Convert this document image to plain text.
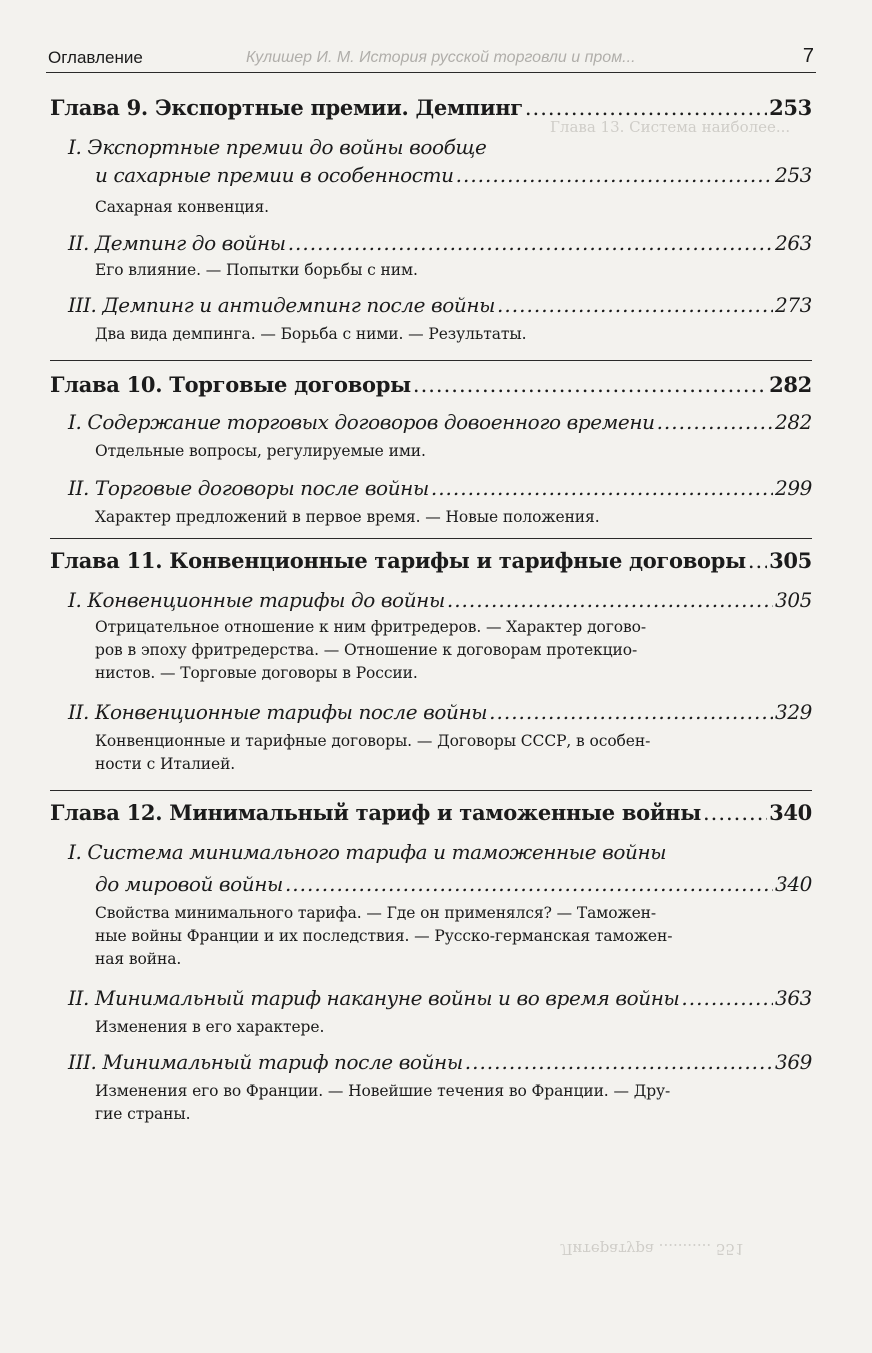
Глава 13. Система наиболее...
Литература ........... 551
Оглавление	Кулишер И. М. История русской торговли и пром...	7
Глава 9. Экспортные премии. Демпинг .....	253
I. Экспортные премии до войны вообще
и сахарные премии в особенности .....	253
Сахарная конвенция.
II. Демпинг до войны .....	263
Его влияние. — Попытки борьбы с ним.
III. Демпинг и антидемпинг после войны .....	273
Два вида демпинга. — Борьба с ними. — Результаты.
Глава 10. Торговые договоры .....	282
I. Содержание торговых договоров довоенного времени .....	282
Отдельные вопросы, регулируемые ими.
II. Торговые договоры после войны .....	299
Характер предложений в первое время. — Новые положения.
Глава 11. Конвенционные тарифы и тарифные договоры ..... 305
I. Конвенционные тарифы до войны .....	305
Отрицательное отношение к ним фритредеров. — Характер догово-
ров в эпоху фритредерства. — Отношение к договорам протекцио-
нистов. — Торговые договоры в России.
II. Конвенционные тарифы после войны .....	329
Конвенционные и тарифные договоры. — Договоры СССР, в особен-
ности с Италией.
Глава 12. Минимальный тариф и таможенные войны .....	340
I. Система минимального тарифа и таможенные войны
до мировой войны .....	340
Свойства минимального тарифа. — Где он применялся? — Таможен-
ные войны Франции и их последствия. — Русско-германская таможен-
ная война.
II. Минимальный тариф накануне войны и во время войны .....	363
Изменения в его характере.
III. Минимальный тариф после войны .....	369
Изменения его во Франции. — Новейшие течения во Франции. — Дру-
гие страны.
